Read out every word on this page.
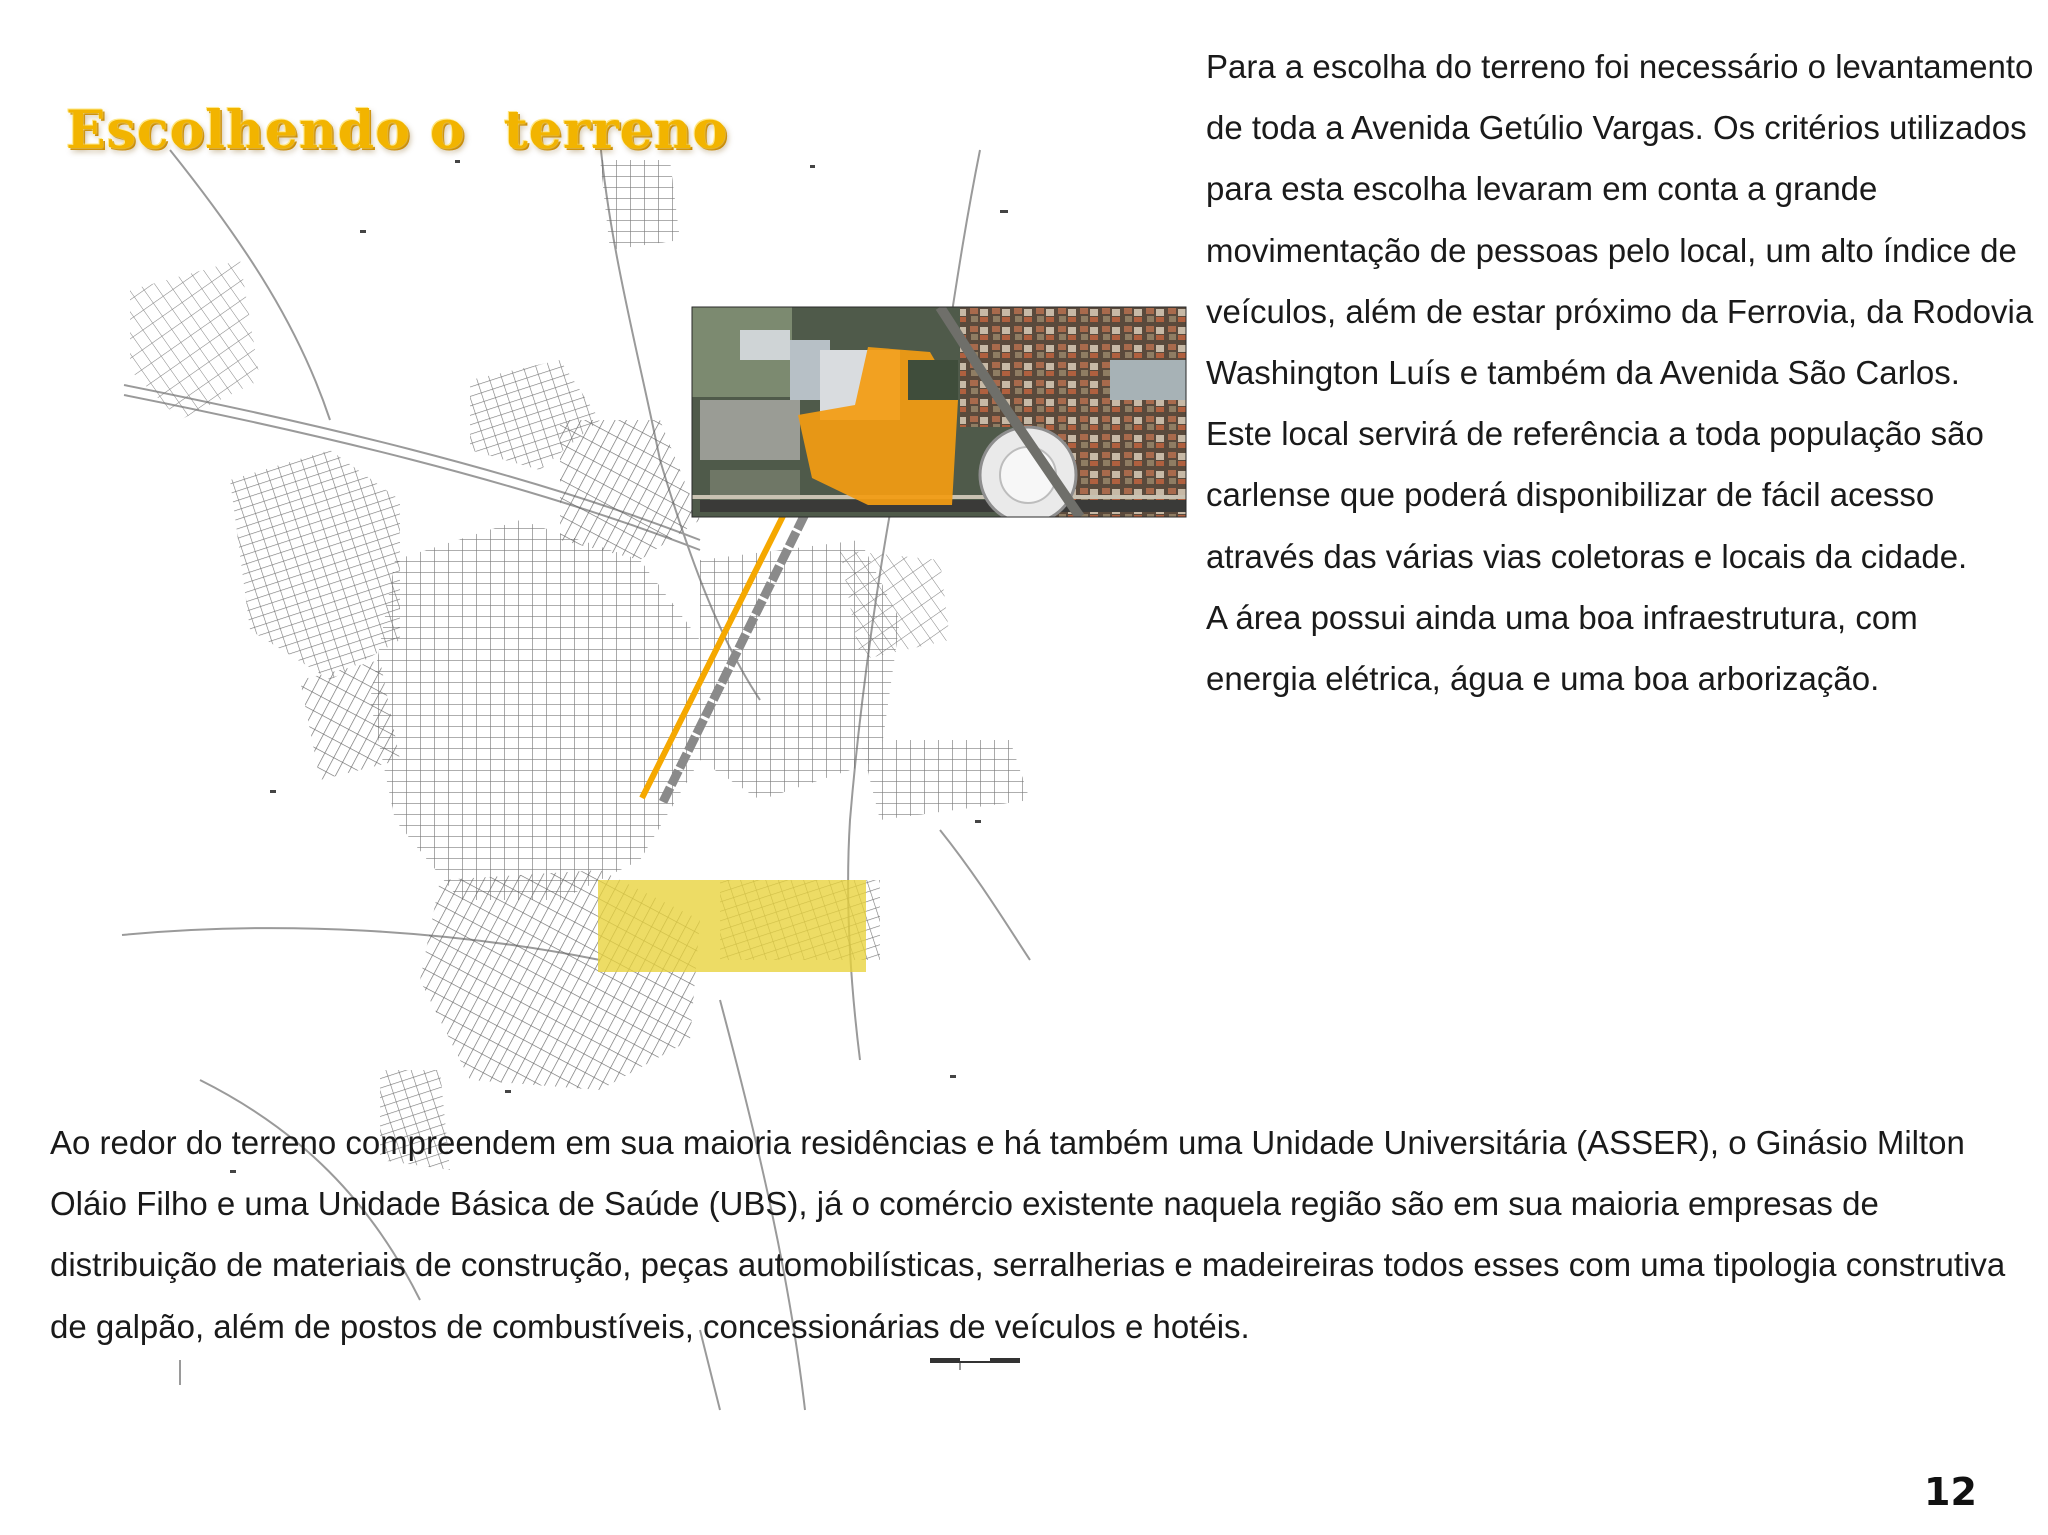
Escolhendo o  terreno

Para a escolha do terreno foi necessário o levantamento de toda a Avenida Getúlio Vargas. Os critérios utilizados para esta escolha levaram em conta a grande movimentação de pessoas pelo local, um alto índice de veículos, além de estar próximo da Ferrovia, da Rodovia Washington Luís e também da Avenida São Carlos.

Este local servirá de referência a toda população são carlense que poderá disponibilizar de fácil acesso através das várias vias coletoras e locais da cidade.

A área possui ainda uma boa infraestrutura, com energia elétrica, água e uma boa arborização.

Ao redor do terreno compreendem em sua maioria residências e há também uma Unidade Universitária (ASSER), o Ginásio Milton Oláio Filho e uma Unidade Básica de Saúde (UBS), já o comércio existente naquela região são em sua maioria empresas de distribuição de materiais de construção, peças automobilísticas, serralherias e madeireiras todos esses com uma tipologia construtiva de galpão, além de postos de combustíveis, concessionárias de veículos e hotéis.
12
